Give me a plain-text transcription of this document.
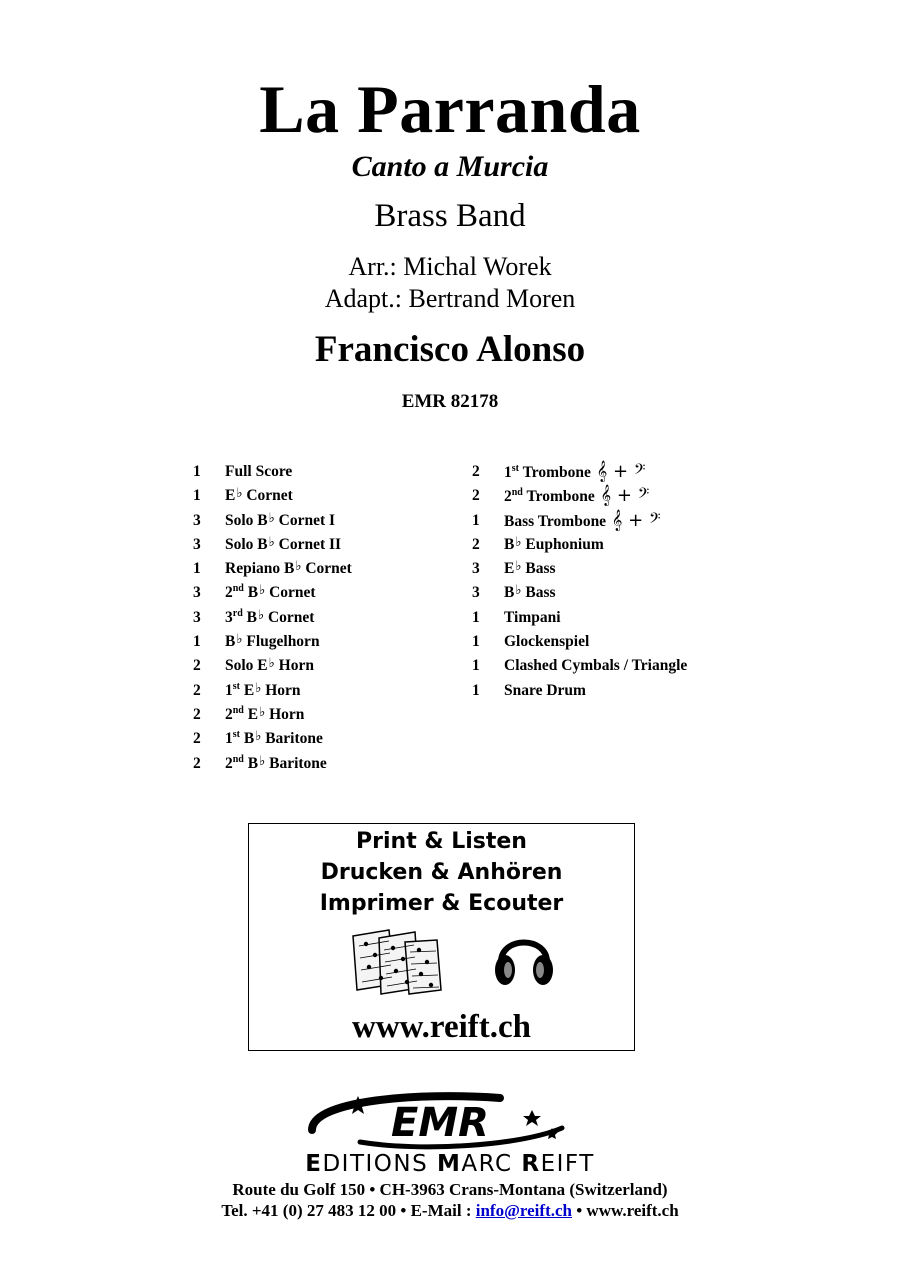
La Parranda
Canto a Murcia
Brass Band
Arr.: Michal Worek
Adapt.: Bertrand Moren
Francisco Alonso
EMR 82178
1 Full Score
1 E♭ Cornet
3 Solo B♭ Cornet I
3 Solo B♭ Cornet II
1 Repiano B♭ Cornet
3 2nd B♭ Cornet
3 3rd B♭ Cornet
1 B♭ Flugelhorn
2 Solo E♭ Horn
2 1st E♭ Horn
2 2nd E♭ Horn
2 1st B♭ Baritone
2 2nd B♭ Baritone
2 1st Trombone 𝄞 + 𝄢
2 2nd Trombone 𝄞 + 𝄢
1 Bass Trombone 𝄞 + 𝄢
2 B♭ Euphonium
3 E♭ Bass
3 B♭ Bass
1 Timpani
1 Glockenspiel
1 Clashed Cymbals / Triangle
1 Snare Drum
Print & Listen
Drucken & Anhören
Imprimer & Ecouter
www.reift.ch
EMR
EDITIONS MARC REIFT
Route du Golf 150 • CH-3963 Crans-Montana (Switzerland)
Tel. +41 (0) 27 483 12 00 • E-Mail : info@reift.ch • www.reift.ch
